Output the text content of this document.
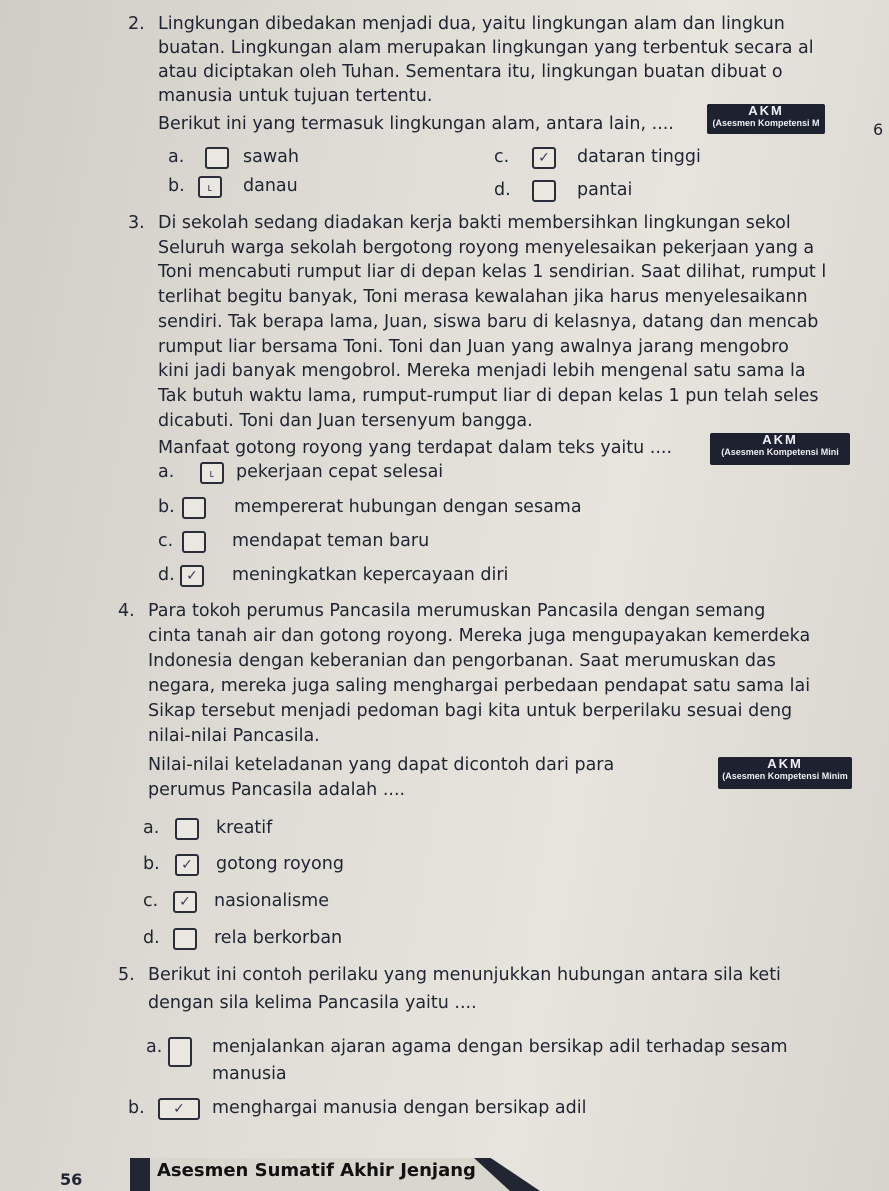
2. Lingkungan dibedakan menjadi dua, yaitu lingkungan alam dan lingkun
buatan. Lingkungan alam merupakan lingkungan yang terbentuk secara al
atau diciptakan oleh Tuhan. Sementara itu, lingkungan buatan dibuat o
manusia untuk tujuan tertentu.
Berikut ini yang termasuk lingkungan alam, antara lain, ....
AKM
(Asesmen Kompetensi M	6
a.	sawah
b.	˪	danau
c.	✓	dataran tinggi
d.	pantai
3. Di sekolah sedang diadakan kerja bakti membersihkan lingkungan sekol
Seluruh warga sekolah bergotong royong menyelesaikan pekerjaan yang a
Toni mencabuti rumput liar di depan kelas 1 sendirian. Saat dilihat, rumput l
terlihat begitu banyak, Toni merasa kewalahan jika harus menyelesaikann
sendiri. Tak berapa lama, Juan, siswa baru di kelasnya, datang dan mencab
rumput liar bersama Toni. Toni dan Juan yang awalnya jarang mengobro
kini jadi banyak mengobrol. Mereka menjadi lebih mengenal satu sama la
Tak butuh waktu lama, rumput-rumput liar di depan kelas 1 pun telah seles
dicabuti. Toni dan Juan tersenyum bangga.
Manfaat gotong royong yang terdapat dalam teks yaitu ....	AKM
(Asesmen Kompetensi Mini
a.	˪	pekerjaan cepat selesai
b.	mempererat hubungan dengan sesama
c.	mendapat teman baru
d. ✓	meningkatkan kepercayaan diri
4. Para tokoh perumus Pancasila merumuskan Pancasila dengan semang
cinta tanah air dan gotong royong. Mereka juga mengupayakan kemerdeka
Indonesia dengan keberanian dan pengorbanan. Saat merumuskan das
negara, mereka juga saling menghargai perbedaan pendapat satu sama lai
Sikap tersebut menjadi pedoman bagi kita untuk berperilaku sesuai deng
nilai-nilai Pancasila.
Nilai-nilai keteladanan yang dapat dicontoh dari para
perumus Pancasila adalah ....
AKM
(Asesmen Kompetensi Minim
a.	kreatif
b.	✓	gotong royong
c.	✓	nasionalisme
d.	rela berkorban
5. Berikut ini contoh perilaku yang menunjukkan hubungan antara sila keti
dengan sila kelima Pancasila yaitu ....
a.	menjalankan ajaran agama dengan bersikap adil terhadap sesam
manusia
b.	✓	menghargai manusia dengan bersikap adil
56	Asesmen Sumatif Akhir Jenjang
